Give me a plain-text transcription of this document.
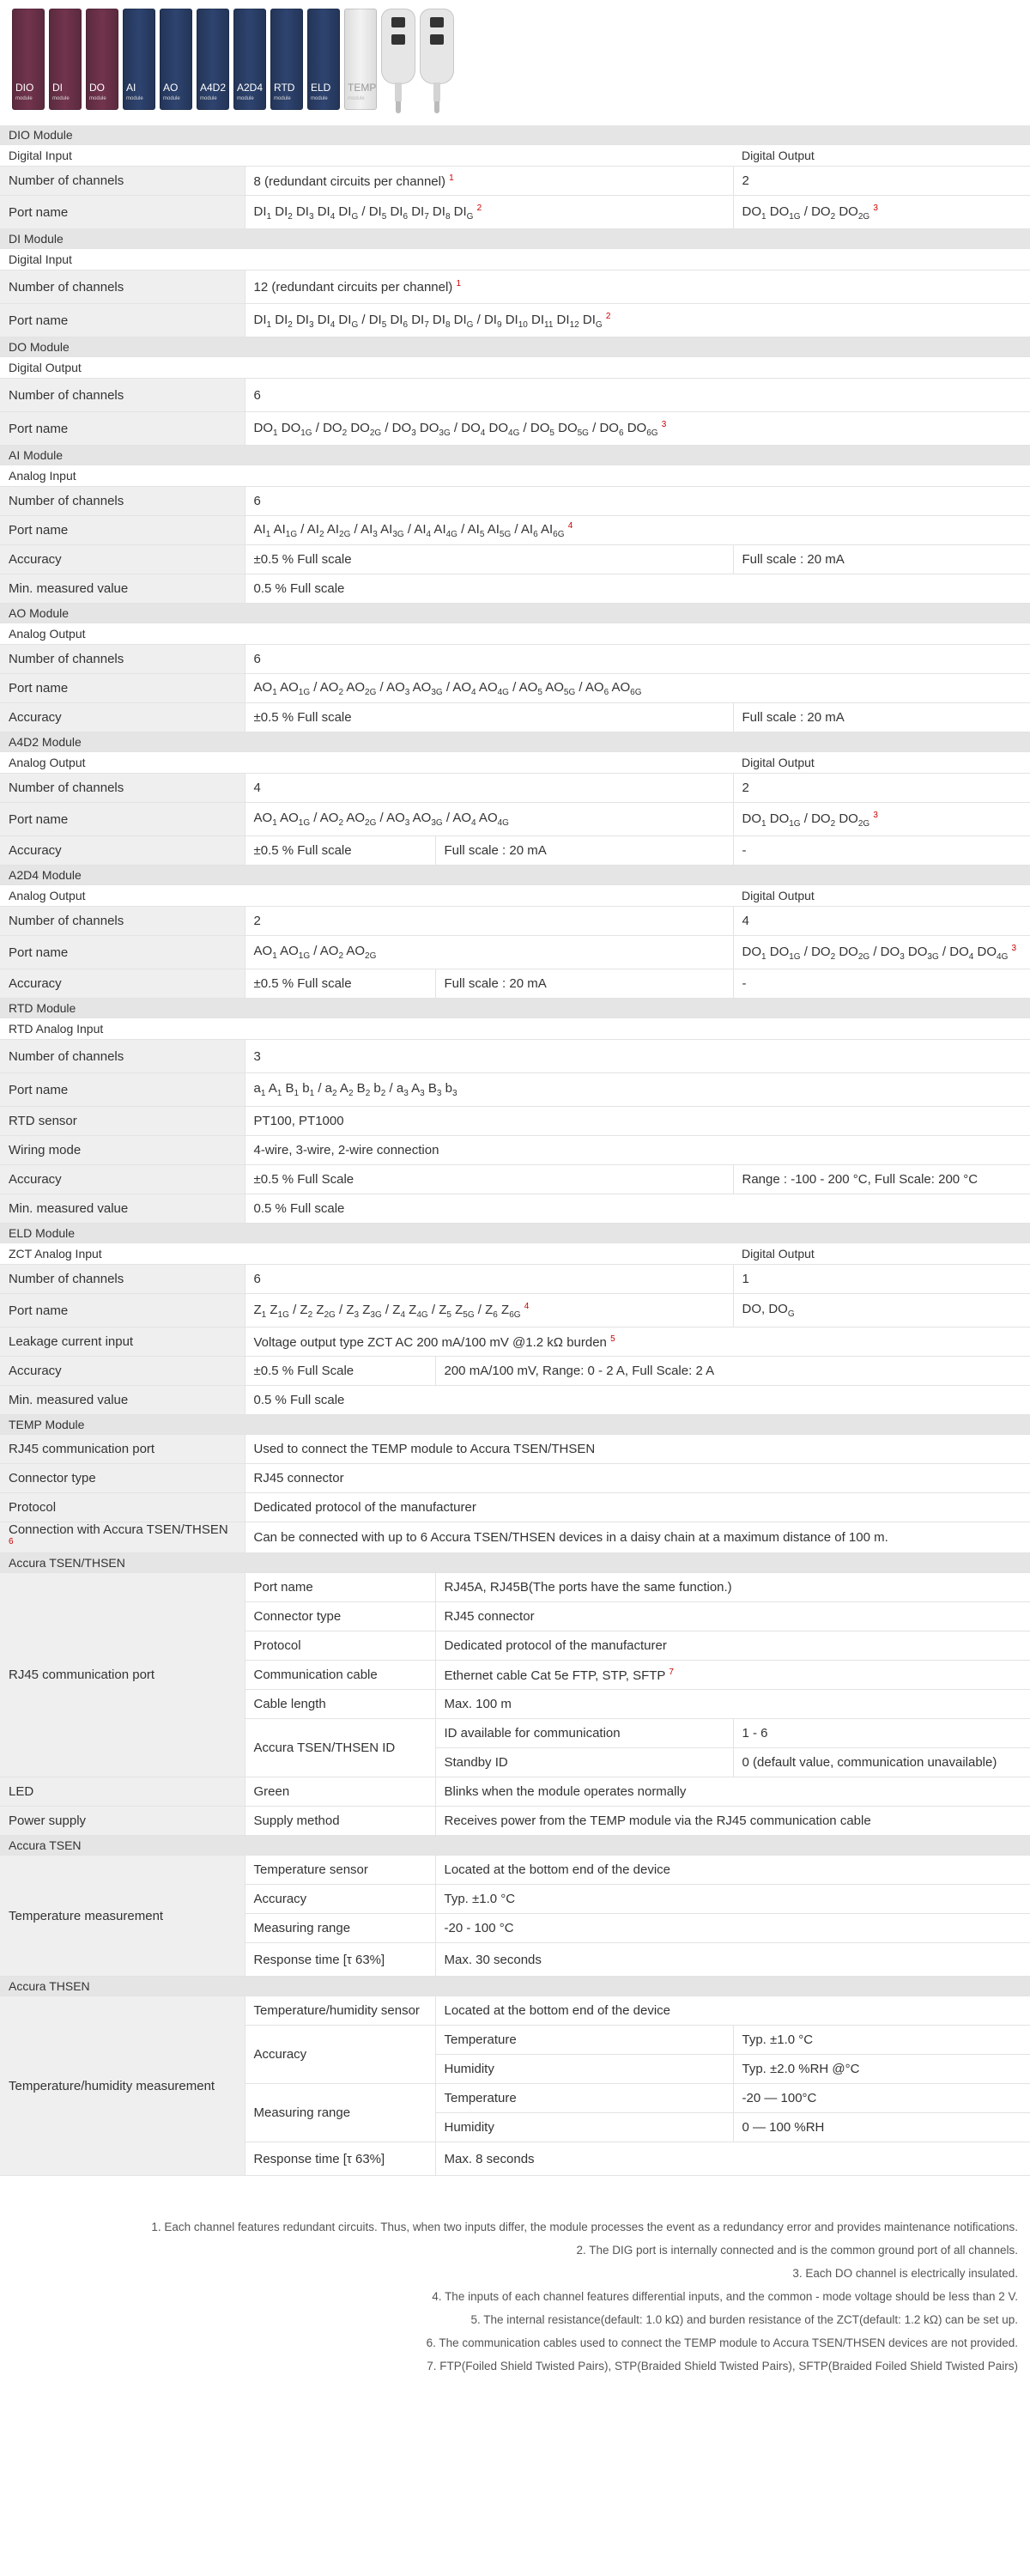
DIO
module
DI
module
DO
module
AI
module
AO
module
A4D2
module
A2D4
module
RTD
module
ELD
module
TEMP
module
DIO Module			
Digital Input			Digital Output
Number of channels	8 (redundant circuits per channel) $^1$		2
Port name	$DI_1$ $DI_2$ $DI_3$ $DI_4$ $DI_G / DI_5$ $DI_6$ $DI_7$ $DI_8$ $DI_G$ $^2$		$DO_1$ $DO_{1G} / DO_2$ $DO_{2G}$ $^3$
DI Module			
Digital Input			
Number of channels	12 (redundant circuits per channel) $^1$
Port name	$DI_1$ $DI_2$ $DI_3$ $DI_4$ $DI_G / DI_5$ $DI_6$ $DI_7$ $DI_8$ $DI_G / DI_9$ $DI_{10}$ $DI_{11}$ $DI_{12}$ $DI_G$ $^2$
DO Module			
Digital Output			
Number of channels	6		
Port name	$DO_1$ $DO_{1G} / DO_2$ $DO_{2G} / DO_3$ $DO_{3G} / DO_4$ $DO_{4G} / DO_5$ $DO_{5G} / DO_6$ $DO_{6G}$ $^3$
AI Module			
Analog Input			
Number of channels	6		
Port name	$AI_1$ $AI_{1G} / AI_2$ $AI_{2G} / AI_3$ $AI_{3G} / AI_4$ $AI_{4G} / AI_5$ $AI_{5G} / AI_6$ $AI_{6G}$ $^4$
Accuracy	±0.5 % Full scale		Full scale : 20 mA
Min. measured value	0.5 % Full scale		
AO Module			
Analog Output			
Number of channels	6		
Port name	$AO_1$ $AO_{1G} / AO_2$ $AO_{2G} / AO_3$ $AO_{3G} / AO_4$ $AO_{4G} / AO_5$ $AO_{5G} / AO_6$ $AO_{6G}$
Accuracy	±0.5 % Full scale		Full scale : 20 mA
A4D2 Module			
Analog Output			Digital Output
Number of channels	4		2
Port name	$AO_1$ $AO_{1G} / AO_2$ $AO_{2G} / AO_3$ $AO_{3G} / AO_4$ $AO_{4G}$		$DO_1$ $DO_{1G} / DO_2$ $DO_{2G}$ $^3$
Accuracy	±0.5 % Full scale	Full scale : 20 mA	-
A2D4 Module			
Analog Output			Digital Output
Number of channels	2		4
Port name	$AO_1$ $AO_{1G} / AO_2$ $AO_{2G}$		$DO_1$ $DO_{1G} / DO_2$ $DO_{2G} / DO_3$ $DO_{3G} / DO_4$ $DO_{4G}$ $^3$
Accuracy	±0.5 % Full scale	Full scale : 20 mA	-
RTD Module			
RTD Analog Input			
Number of channels	3		
Port name	$a_1$ $A_1$ $B_1$ $b_1 / a_2$ $A_2$ $B_2$ $b_2 / a_3$ $A_3$ $B_3$ $b_3$
RTD sensor	PT100, PT1000		
Wiring mode	4-wire, 3-wire, 2-wire connection		
Accuracy	±0.5 % Full Scale		Range : -100 - 200 °C, Full Scale: 200 °C
Min. measured value	0.5 % Full scale		
ELD Module			
ZCT Analog Input			Digital Output
Number of channels	6		1
Port name	$Z_1$ $Z_{1G} / Z_2$ $Z_{2G} / Z_3$ $Z_{3G} / Z_4$ $Z_{4G} / Z_5$ $Z_{5G} / Z_6$ $Z_{6G}$ $^4$		DO, $DO_G$
Leakage current input	Voltage output type ZCT AC 200 mA/100 mV @1.2 kΩ burden $^5$
Accuracy	±0.5 % Full Scale	200 mA/100 mV, Range: 0 - 2 A, Full Scale: 2 A	
Min. measured value	0.5 % Full scale		
TEMP Module			
RJ45 communication port	Used to connect the TEMP module to Accura TSEN/THSEN		
Connector type	RJ45 connector		
Protocol	Dedicated protocol of the manufacturer		
Connection with Accura TSEN/THSEN $^6$	Can be connected with up to 6 Accura TSEN/THSEN devices in a daisy chain at a maximum distance of 100 m.		
Accura TSEN/THSEN			
RJ45 communication port	Port name	RJ45A, RJ45B(The ports have the same function.)	
	Connector type	RJ45 connector	
	Protocol	Dedicated protocol of the manufacturer	
	Communication cable	Ethernet cable Cat 5e FTP, STP, SFTP $^7$
	Cable length	Max. 100 m	
	Accura TSEN/THSEN ID	ID available for communication	1 - 6
		Standby ID	0 (default value, communication unavailable)
LED	Green	Blinks when the module operates normally	
Power supply	Supply method	Receives power from the TEMP module via the RJ45 communication cable	
Accura TSEN			
Temperature measurement	Temperature sensor	Located at the bottom end of the device	
	Accuracy	Typ. ±1.0 °C	
	Measuring range	-20 - 100 °C	
	Response time [τ 63%]	Max. 30 seconds	
Accura THSEN			
Temperature/humidity measurement	Temperature/humidity sensor	Located at the bottom end of the device	
	Accuracy	Temperature	Typ. ±1.0 °C
		Humidity	Typ. ±2.0 %RH @°C
	Measuring range	Temperature	-20 — 100°C
		Humidity	0 — 100 %RH
	Response time [τ 63%]	Max. 8 seconds	
1. Each channel features redundant circuits. Thus, when two inputs differ, the module processes the event as a redundancy error and provides maintenance notifications.
2. The DIG port is internally connected and is the common ground port of all channels.
3. Each DO channel is electrically insulated.
4. The inputs of each channel features differential inputs, and the common - mode voltage should be less than 2 V.
5. The internal resistance(default: 1.0 kΩ) and burden resistance of the ZCT(default: 1.2 kΩ) can be set up.
6. The communication cables used to connect the TEMP module to Accura TSEN/THSEN devices are not provided.
7. FTP(Foiled Shield Twisted Pairs), STP(Braided Shield Twisted Pairs), SFTP(Braided Foiled Shield Twisted Pairs)
